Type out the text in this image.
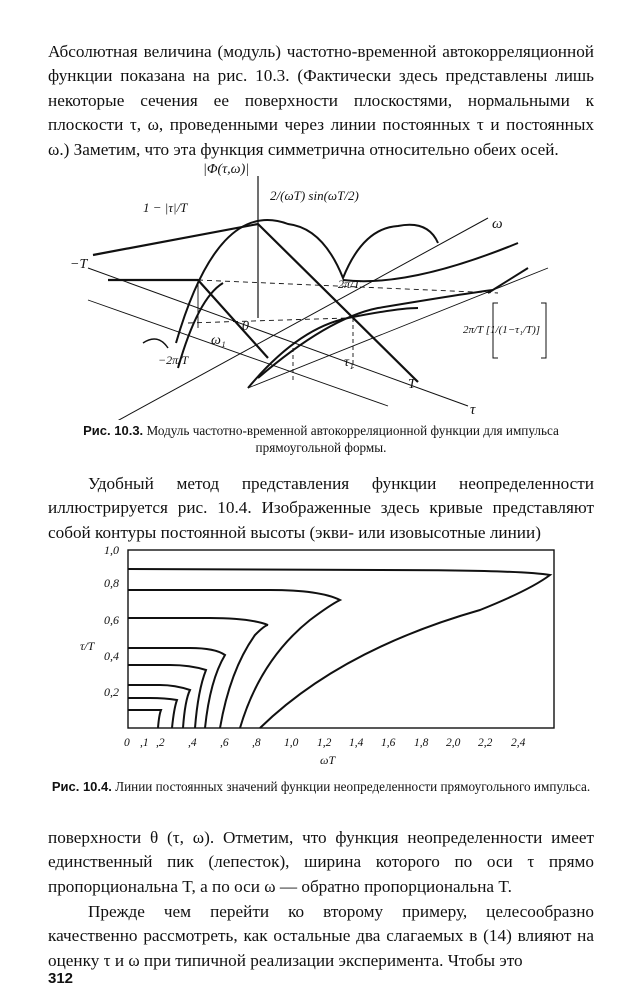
Абсолютная величина (модуль) частотно-временной автокорреляционной функции показана на рис. 10.3. (Фактически здесь представлены лишь некоторые сечения ее поверхности плоскостями, нормальными к плоскости τ, ω, проведенными через линии постоянных τ и постоянных ω.) Заметим, что эта функция симметрична относительно обеих осей.

|Φ(τ,ω)|
1 − |τ|/T
2/(ωT) sin(ωT/2)
ω
τ
−T
T
0
ω₁
τ₁
2π/T
−2π/T
2π/T [1/(1−τ₁/T)]

Рис. 10.3. Модуль частотно-временной автокорреляционной функции для импульса прямоугольной формы.

Удобный метод представления функции неопределенности иллюстрируется рис. 10.4. Изображенные здесь кривые представляют собой контуры постоянной высоты (экви- или изовысотные линии)

1,0
0,8
0,6
0,4
0,2
τ/T
0 ,1 ,2 ,4 ,6 ,8 1,0 1,2 1,4 1,6 1,8 2,0 2,2 2,4
ωT

Рис. 10.4. Линии постоянных значений функции неопределенности прямоугольного импульса.

поверхности θ (τ, ω). Отметим, что функция неопределенности имеет единственный пик (лепесток), ширина которого по оси τ прямо пропорциональна T, а по оси ω — обратно пропорциональна T.

Прежде чем перейти ко второму примеру, целесообразно качественно рассмотреть, как остальные два слагаемых в (14) влияют на оценку τ и ω при типичной реализации эксперимента. Чтобы это

312
